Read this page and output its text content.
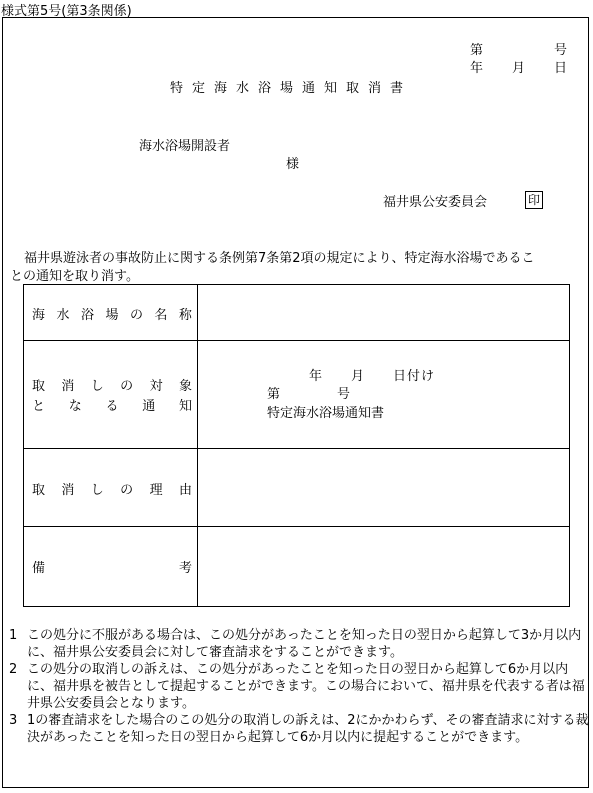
様式第5号(第3条関係)
第　　　　　号
年　　月　　日
特定海水浴場通知取消書
海水浴場開設者
様
福井県公安委員会	印
福井県遊泳者の事故防止に関する条例第7条第2項の規定により、特定海水浴場であるこ
との通知を取り消す。
海 水 浴 場 の 名 称
取 消 し の 対 象
と な る 通 知
年　　月　　日付け
第　　　　号
特定海水浴場通知書
取 消 し の 理 由
備	考
1 この処分に不服がある場合は、この処分があったことを知った日の翌日から起算して3か月以内に、福井県公安委員会に対して審査請求をすることができます。
2 この処分の取消しの訴えは、この処分があったことを知った日の翌日から起算して6か月以内に、福井県を被告として提起することができます。この場合において、福井県を代表する者は福井県公安委員会となります。
3 1の審査請求をした場合のこの処分の取消しの訴えは、2にかかわらず、その審査請求に対する裁決があったことを知った日の翌日から起算して6か月以内に提起することができます。
